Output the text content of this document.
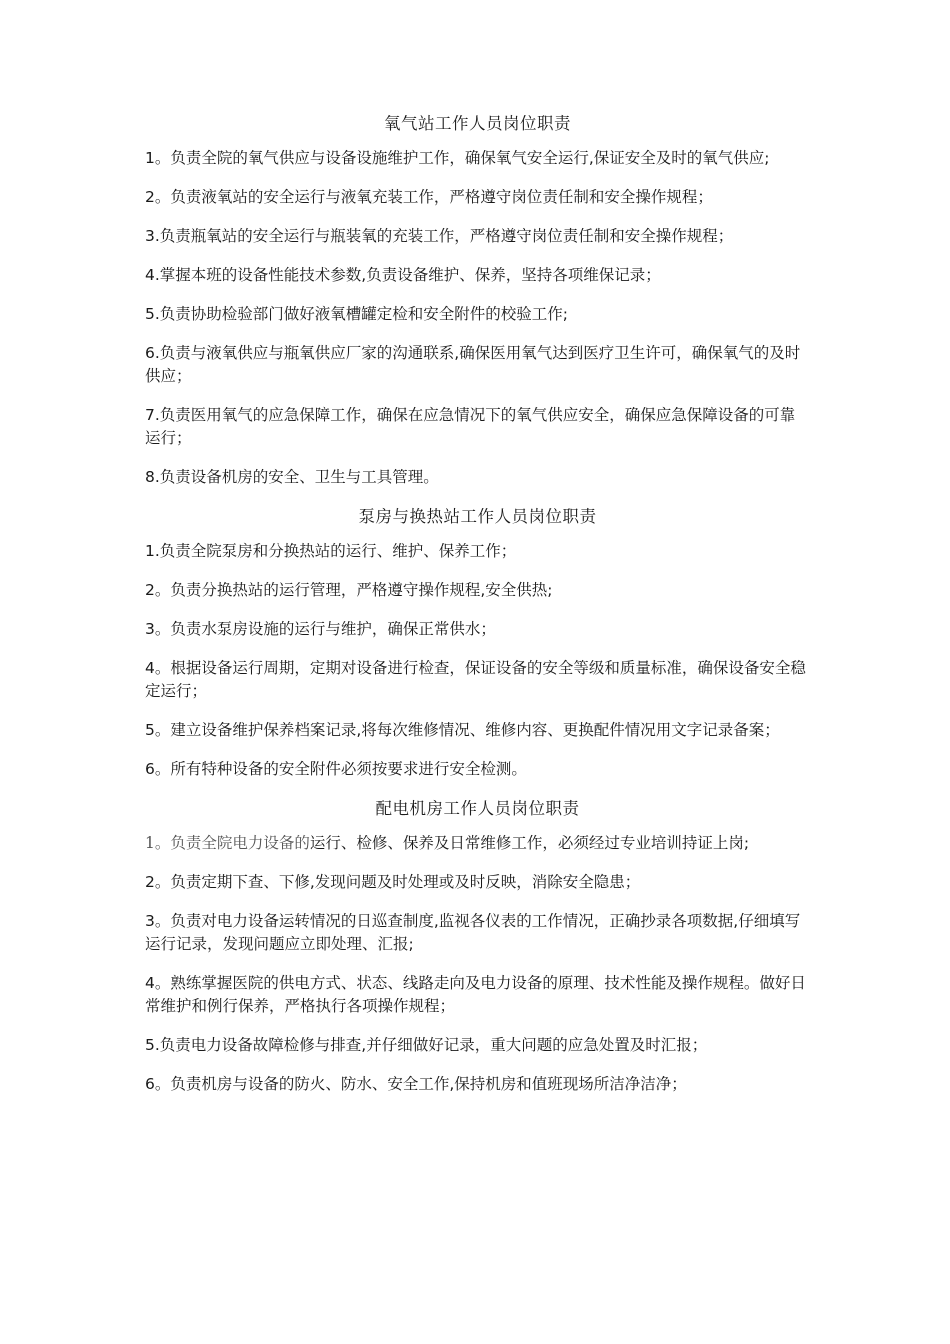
氧气站工作人员岗位职责

1。负责全院的氧气供应与设备设施维护工作，确保氧气安全运行,保证安全及时的氧气供应;

2。负责液氧站的安全运行与液氧充装工作，严格遵守岗位责任制和安全操作规程；

3.负责瓶氧站的安全运行与瓶装氧的充装工作，严格遵守岗位责任制和安全操作规程；

4.掌握本班的设备性能技术参数,负责设备维护、保养，坚持各项维保记录；

5.负责协助检验部门做好液氧槽罐定检和安全附件的校验工作;

6.负责与液氧供应与瓶氧供应厂家的沟通联系,确保医用氧气达到医疗卫生许可，确保氧气的及时供应；

7.负责医用氧气的应急保障工作，确保在应急情况下的氧气供应安全，确保应急保障设备的可靠运行；

8.负责设备机房的安全、卫生与工具管理。

泵房与换热站工作人员岗位职责

1.负责全院泵房和分换热站的运行、维护、保养工作；

2。负责分换热站的运行管理，严格遵守操作规程,安全供热;

3。负责水泵房设施的运行与维护，确保正常供水；

4。根据设备运行周期，定期对设备进行检查，保证设备的安全等级和质量标准，确保设备安全稳定运行；

5。建立设备维护保养档案记录,将每次维修情况、维修内容、更换配件情况用文字记录备案；

6。所有特种设备的安全附件必须按要求进行安全检测。

配电机房工作人员岗位职责

1。负责全院电力设备的运行、检修、保养及日常维修工作，必须经过专业培训持证上岗;

2。负责定期下查、下修,发现问题及时处理或及时反映，消除安全隐患；

3。负责对电力设备运转情况的日巡查制度,监视各仪表的工作情况，正确抄录各项数据,仔细填写运行记录，发现问题应立即处理、汇报;

4。熟练掌握医院的供电方式、状态、线路走向及电力设备的原理、技术性能及操作规程。做好日常维护和例行保养，严格执行各项操作规程；

5.负责电力设备故障检修与排查,并仔细做好记录，重大问题的应急处置及时汇报；

6。负责机房与设备的防火、防水、安全工作,保持机房和值班现场所洁净洁净；
